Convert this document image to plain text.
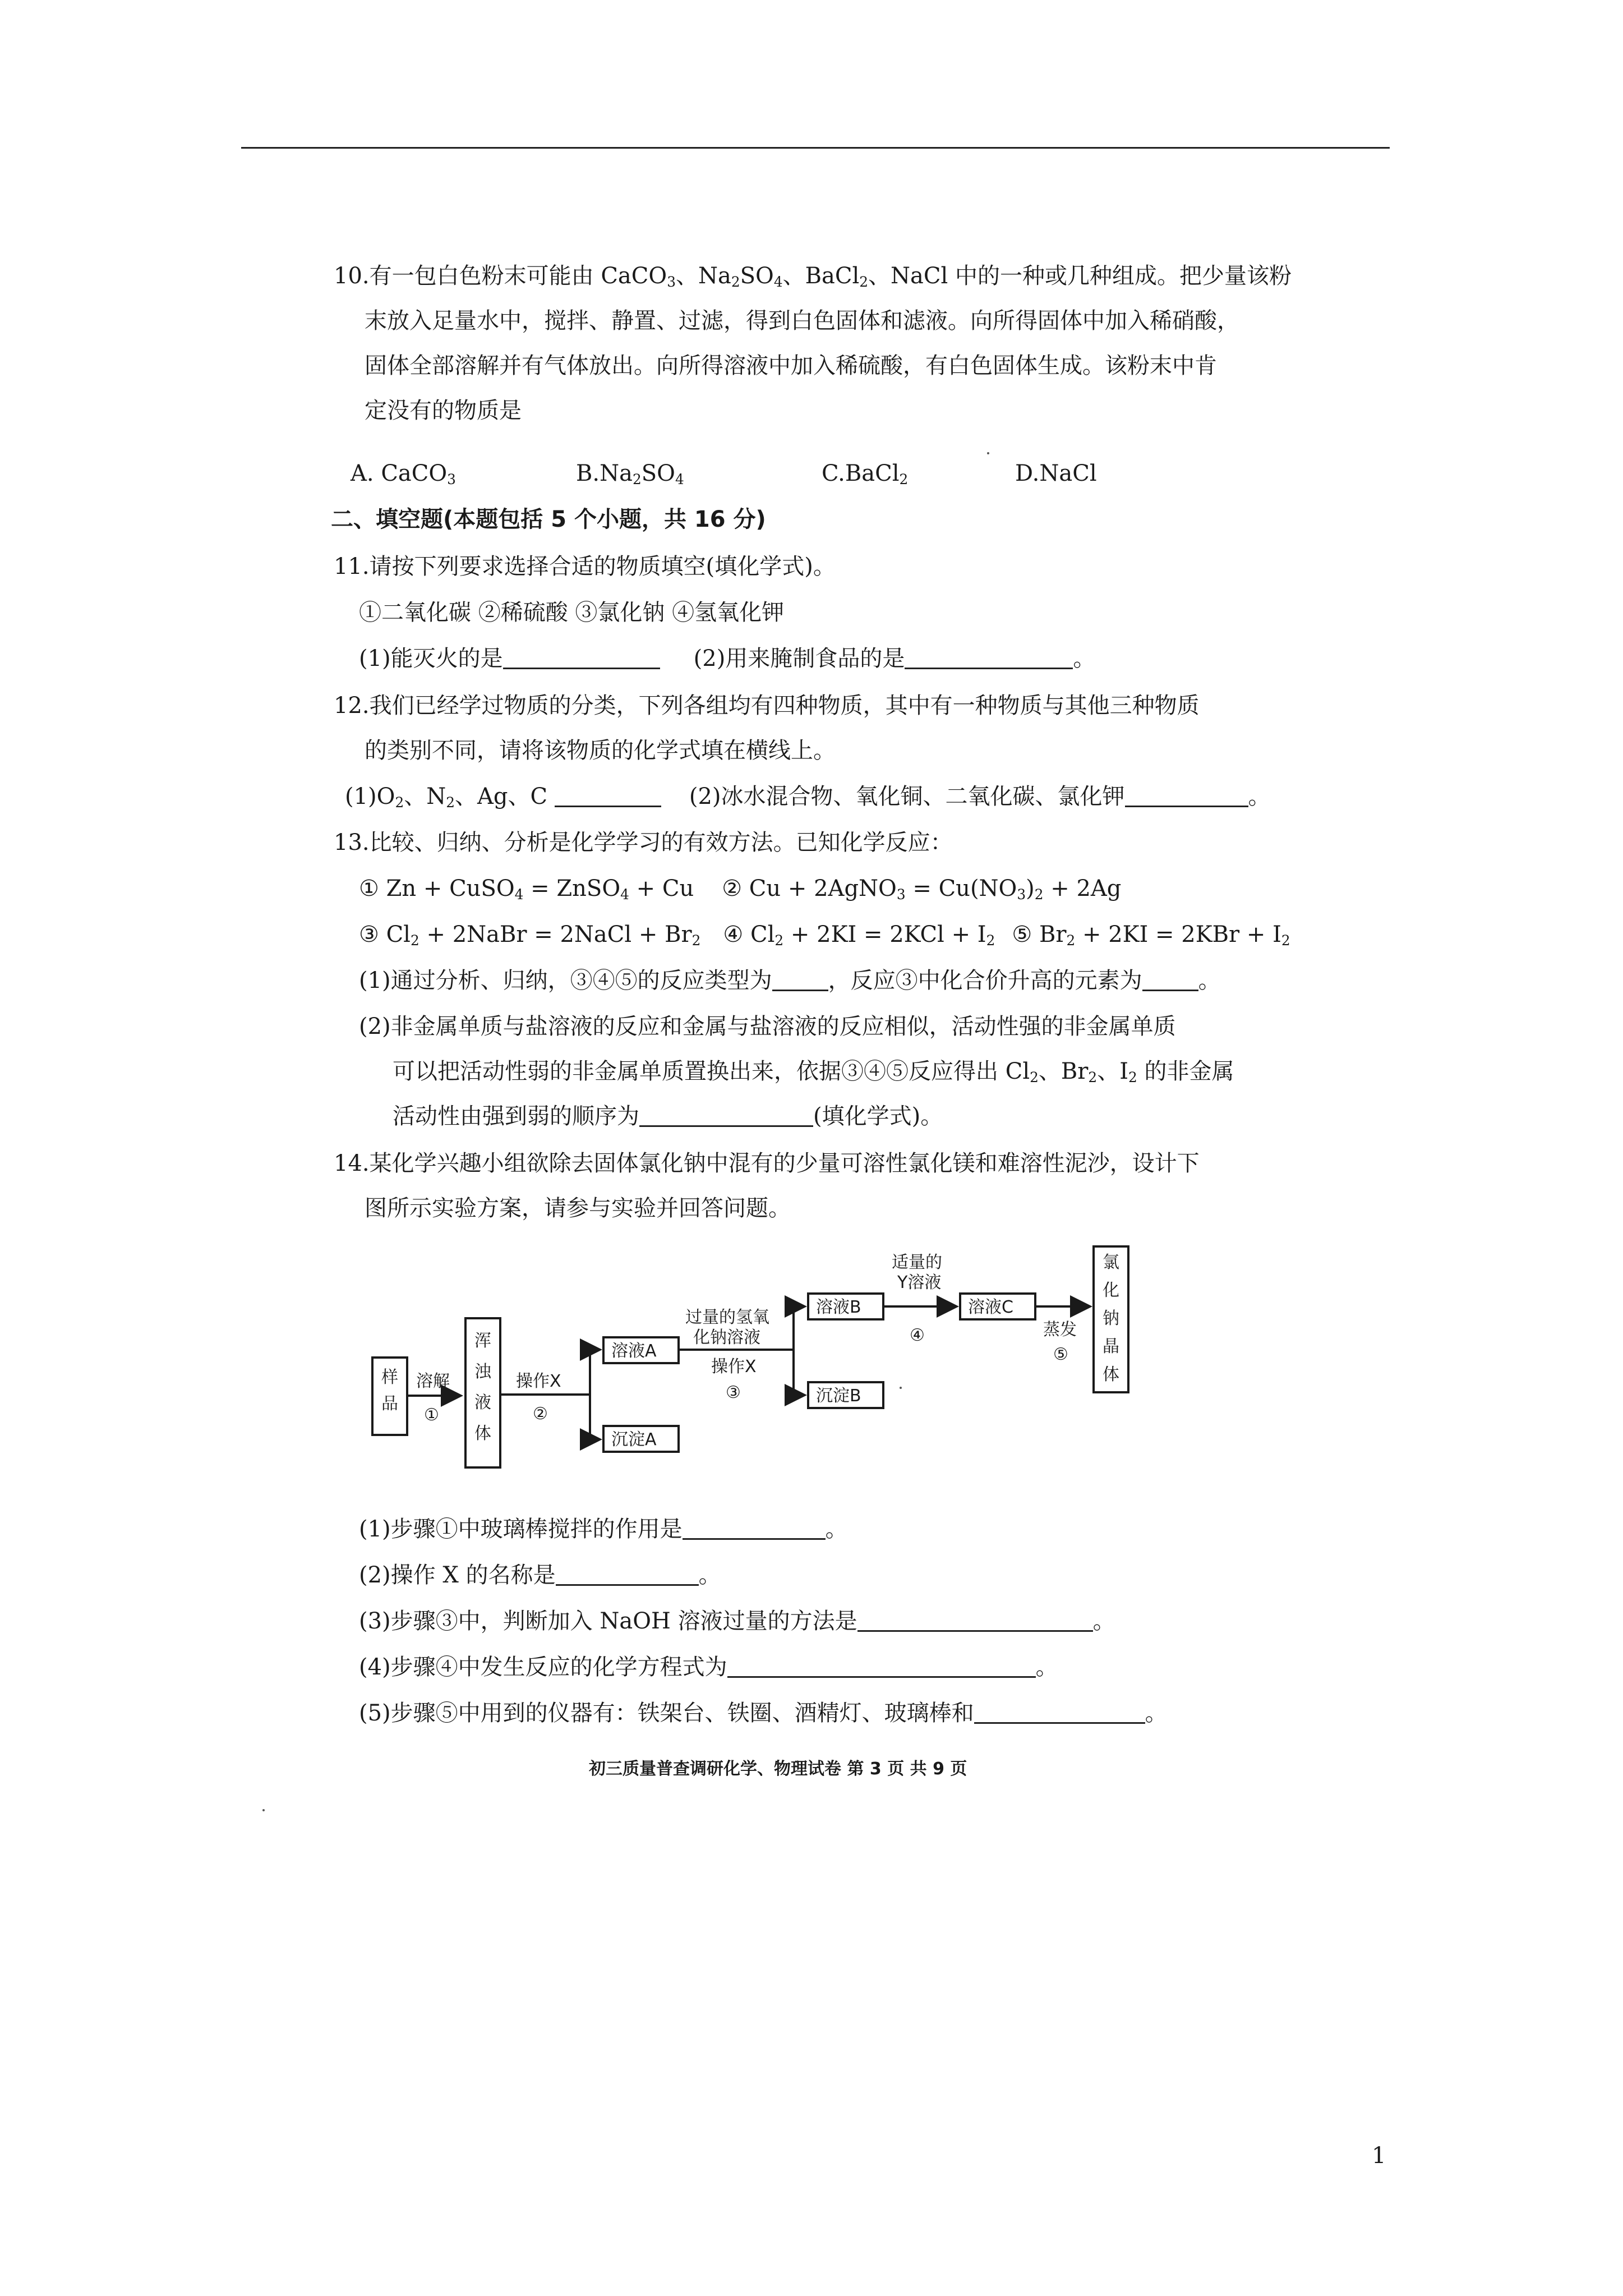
10.有一包白色粉末可能由 CaCO$_3$、$Na_2SO_4$、BaCl$_2$、NaCl 中的一种或几种组成。把少量该粉
末放入足量水中，搅拌、静置、过滤，得到白色固体和滤液。向所得固体中加入稀硝酸，
固体全部溶解并有气体放出。向所得溶液中加入稀硫酸，有白色固体生成。该粉末中肯
定没有的物质是
A. CaCO$_3$	$B.Na_2SO_4$	C.BaCl$_2$	D.NaCl
二、填空题(本题包括 5 个小题，共 16 分)
11.请按下列要求选择合适的物质填空(填化学式)。
①二氧化碳 ②稀硫酸 ③氯化钠 ④氢氧化钾
(1)能灭火的是	(2)用来腌制食品的是	。
12.我们已经学过物质的分类，下列各组均有四种物质，其中有一种物质与其他三种物质
的类别不同，请将该物质的化学式填在横线上。
$(1)O_2$、$N_2$、Ag、C	(2)冰水混合物、氧化铜、二氧化碳、氯化钾	。
13.比较、归纳、分析是化学学习的有效方法。已知化学反应：
① Zn + CuSO$_4$ = ZnSO$_4$ + Cu ② Cu + 2AgNO$_3$ = $Cu(NO_3)_2 + 2Ag$
③ $Cl_2$ + 2NaBr = 2NaCl + $Br_2$ ④ $Cl_2 + 2KI = 2KCl + I_2$ ⑤ $Br_2 + 2KI = 2KBr + I_2$
(1)通过分析、归纳，③④⑤的反应类型为	，反应③中化合价升高的元素为	。
(2)非金属单质与盐溶液的反应和金属与盐溶液的反应相似，活动性强的非金属单质
可以把活动性弱的非金属单质置换出来，依据③④⑤反应得出 $Cl_2$、$Br_2$、$I_2$ 的非金属
活动性由强到弱的顺序为	(填化学式)。
14.某化学兴趣小组欲除去固体氯化钠中混有的少量可溶性氯化镁和难溶性泥沙，设计下
图所示实验方案，请参与实验并回答问题。
样
品
溶解
①
浑
浊
液
体
操作X
②
溶液A
沉淀A
过量的氢氧
化钠溶液
操作X
③
溶液B
沉淀B
适量的
Y溶液
④
溶液C
蒸发
⑤
氯
化
钠
晶
体
(1)步骤①中玻璃棒搅拌的作用是	。
(2)操作 X 的名称是	。
(3)步骤③中，判断加入 NaOH 溶液过量的方法是	。
(4)步骤④中发生反应的化学方程式为	。
(5)步骤⑤中用到的仪器有：铁架台、铁圈、酒精灯、玻璃棒和	。
初三质量普查调研化学、物理试卷 第 3 页 共 9 页
1
